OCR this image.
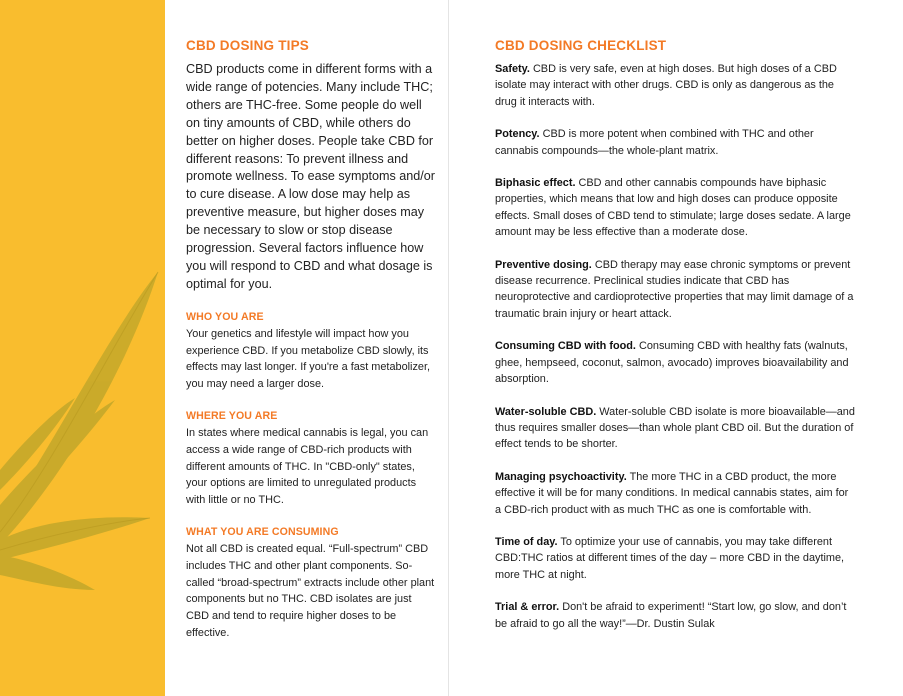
CBD DOSING TIPS

CBD products come in different forms with a wide range of potencies. Many include THC; others are THC-free. Some people do well on tiny amounts of CBD, while others do better on higher doses. People take CBD for different reasons: To prevent illness and promote wellness. To ease symptoms and/or to cure disease. A low dose may help as preventive measure, but higher doses may be necessary to slow or stop disease progression. Several factors influence how you will respond to CBD and what dosage is optimal for you.

WHO YOU ARE

Your genetics and lifestyle will impact how you experience CBD. If you metabolize CBD slowly, its effects may last longer. If you're a fast metabolizer, you may need a larger dose.

WHERE YOU ARE

In states where medical cannabis is legal, you can access a wide range of CBD-rich products with different amounts of THC. In "CBD-only" states, your options are limited to unregulated products with little or no THC.

WHAT YOU ARE CONSUMING

Not all CBD is created equal. “Full-spectrum” CBD includes THC and other plant components. So-called “broad-spectrum” extracts include other plant components but no THC. CBD isolates are just CBD and tend to require higher doses to be effective.

CBD DOSING CHECKLIST

Safety. CBD is very safe, even at high doses. But high doses of a CBD isolate may interact with other drugs. CBD is only as dangerous as the drug it interacts with.

Potency. CBD is more potent when combined with THC and other cannabis compounds—the whole-plant matrix.

Biphasic effect. CBD and other cannabis compounds have biphasic properties, which means that low and high doses can produce opposite effects. Small doses of CBD tend to stimulate; large doses sedate. A large amount may be less effective than a moderate dose.

Preventive dosing. CBD therapy may ease chronic symptoms or prevent disease recurrence. Preclinical studies indicate that CBD has neuroprotective and cardioprotective properties that may limit damage of a traumatic brain injury or heart attack.

Consuming CBD with food. Consuming CBD with healthy fats (walnuts, ghee, hempseed, coconut, salmon, avocado) improves bioavailability and absorption.

Water-soluble CBD. Water-soluble CBD isolate is more bioavailable—and thus requires smaller doses—than whole plant CBD oil. But the duration of effect tends to be shorter.

Managing psychoactivity. The more THC in a CBD product, the more effective it will be for many conditions. In medical cannabis states, aim for a CBD-rich product with as much THC as one is comfortable with.

Time of day. To optimize your use of cannabis, you may take different CBD:THC ratios at different times of the day – more CBD in the daytime, more THC at night.

Trial & error. Don't be afraid to experiment! “Start low, go slow, and don’t be afraid to go all the way!”—Dr. Dustin Sulak
